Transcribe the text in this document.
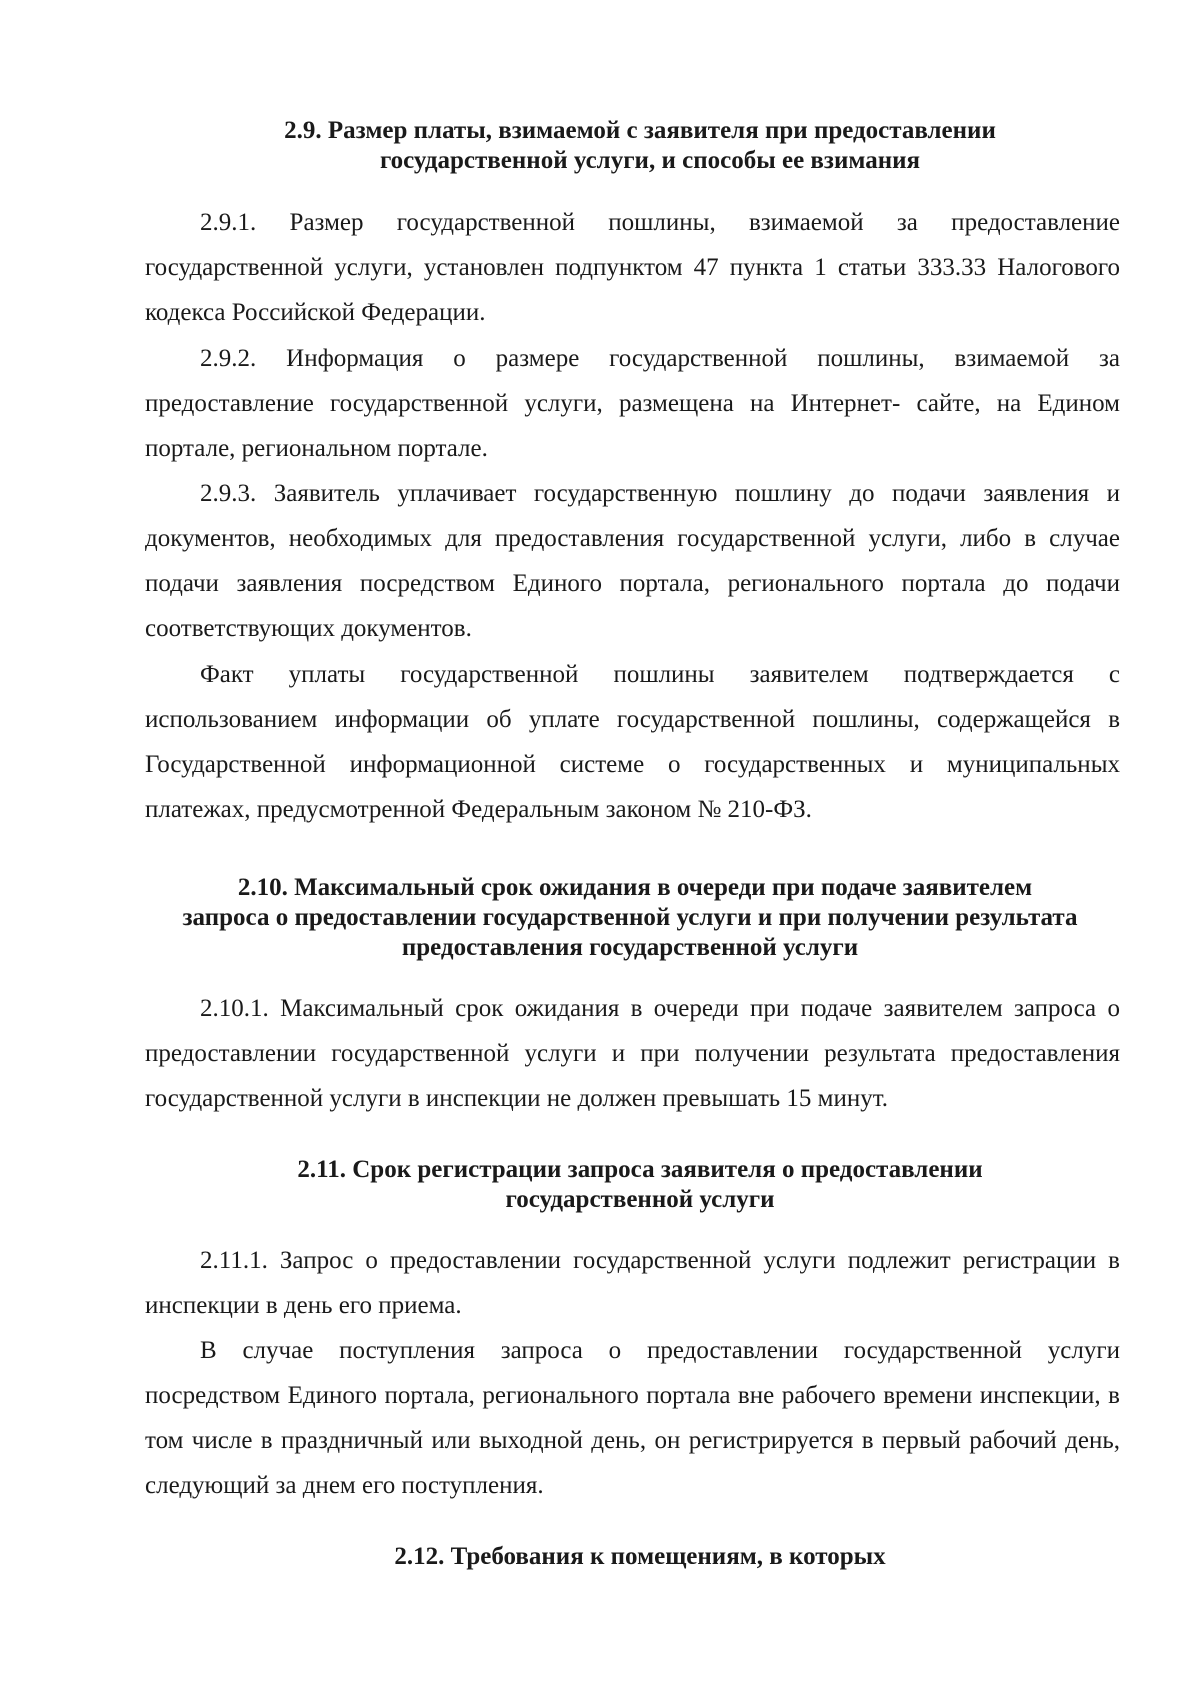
2.9. Размер платы, взимаемой с заявителя при предоставлении
государственной услуги, и способы ее взимания
2.9.1. Размер государственной пошлины, взимаемой за предоставление государственной услуги, установлен подпунктом 47 пункта 1 статьи 333.33 Налогового кодекса Российской Федерации.
2.9.2. Информация о размере государственной пошлины, взимаемой за предоставление государственной услуги, размещена на Интернет- сайте, на Едином портале, региональном портале.
2.9.3. Заявитель уплачивает государственную пошлину до подачи заявления и документов, необходимых для предоставления государственной услуги, либо в случае подачи заявления посредством Единого портала, регионального портала до подачи соответствующих документов.
Факт уплаты государственной пошлины заявителем подтверждается с использованием информации об уплате государственной пошлины, содержащейся в Государственной информационной системе о государственных и муниципальных платежах, предусмотренной Федеральным законом № 210-ФЗ.
2.10. Максимальный срок ожидания в очереди при подаче заявителем
запроса о предоставлении государственной услуги и при получении результата
предоставления государственной услуги
2.10.1. Максимальный срок ожидания в очереди при подаче заявителем запроса о предоставлении государственной услуги и при получении результата предоставления государственной услуги в инспекции не должен превышать 15 минут.
2.11. Срок регистрации запроса заявителя о предоставлении
государственной услуги
2.11.1. Запрос о предоставлении государственной услуги подлежит регистрации в инспекции в день его приема.
В случае поступления запроса о предоставлении государственной услуги посредством Единого портала, регионального портала вне рабочего времени инспекции, в том числе в праздничный или выходной день, он регистрируется в первый рабочий день, следующий за днем его поступления.
2.12. Требования к помещениям, в которых
